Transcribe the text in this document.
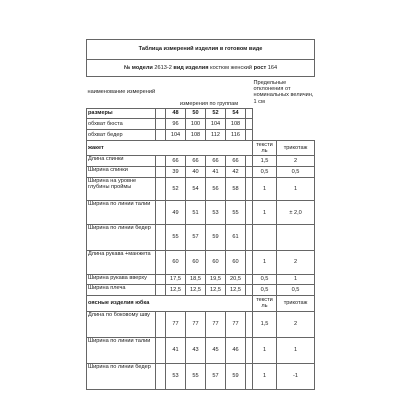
Таблица измерений изделия в готовом виде								
№ модели 2613-2 вид изделия костюм женский рост 164								
наименование измерений		измерения по группам					Предельные отклонения от номинальных величин, 1 см	
размеры		48	50	52	54			
обхват бюста		96	100	104	108			
обхват бедер		104	108	112	116			
жакет							тексти ль	трикотаж
Длина спинки		66	66	66	66		1,5	2
Ширина спинки		39	40	41	42		0,5	0,5
Ширина на уровне глубины проймы		52	54	56	58		1	1
Ширина по линии талии		49	51	53	55		1	± 2,0
Ширина по линии бедер		55	57	59	61			
Длина рукава +манжета		60	60	60	60		1	2
Ширина рукава вверху		17,5	18,5	19,5	20,5		0,5	1
Ширина плеча		12,5	12,5	12,5	12,5		0,5	0,5
оясные изделия юбка							тексти ль	трикотаж
Длина по боковому шву		77	77	77	77		1,5	2
Ширина по линии талии		41	43	45	46		1	1
Ширина по линии бедер		53	55	57	59		1	-1
